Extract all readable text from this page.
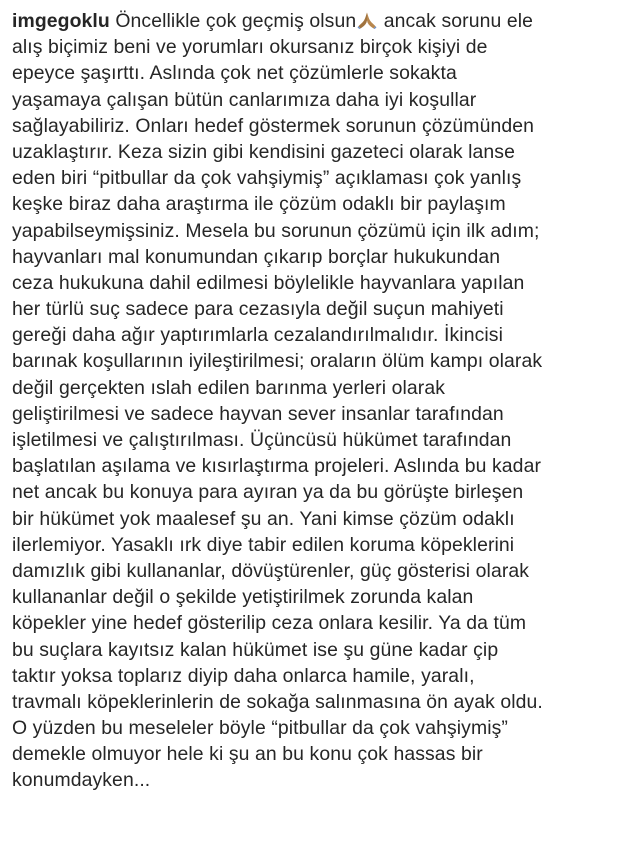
imgegoklu Öncellikle çok geçmiş olsun ancak sorunu ele
alış biçimiz beni ve yorumları okursanız birçok kişiyi de
epeyce şaşırttı. Aslında çok net çözümlerle sokakta
yaşamaya çalışan bütün canlarımıza daha iyi koşullar
sağlayabiliriz. Onları hedef göstermek sorunun çözümünden
uzaklaştırır. Keza sizin gibi kendisini gazeteci olarak lanse
eden biri “pitbullar da çok vahşiymiş” açıklaması çok yanlış
keşke biraz daha araştırma ile çözüm odaklı bir paylaşım
yapabilseymişsiniz. Mesela bu sorunun çözümü için ilk adım;
hayvanları mal konumundan çıkarıp borçlar hukukundan
ceza hukukuna dahil edilmesi böylelikle hayvanlara yapılan
her türlü suç sadece para cezasıyla değil suçun mahiyeti
gereği daha ağır yaptırımlarla cezalandırılmalıdır. İkincisi
barınak koşullarının iyileştirilmesi; oraların ölüm kampı olarak
değil gerçekten ıslah edilen barınma yerleri olarak
geliştirilmesi ve sadece hayvan sever insanlar tarafından
işletilmesi ve çalıştırılması. Üçüncüsü hükümet tarafından
başlatılan aşılama ve kısırlaştırma projeleri. Aslında bu kadar
net ancak bu konuya para ayıran ya da bu görüşte birleşen
bir hükümet yok maalesef şu an. Yani kimse çözüm odaklı
ilerlemiyor. Yasaklı ırk diye tabir edilen koruma köpeklerini
damızlık gibi kullananlar, dövüştürenler, güç gösterisi olarak
kullananlar değil o şekilde yetiştirilmek zorunda kalan
köpekler yine hedef gösterilip ceza onlara kesilir. Ya da tüm
bu suçlara kayıtsız kalan hükümet ise şu güne kadar çip
taktır yoksa toplarız diyip daha onlarca hamile, yaralı,
travmalı köpeklerinlerin de sokağa salınmasına ön ayak oldu.
O yüzden bu meseleler böyle “pitbullar da çok vahşiymiş”
demekle olmuyor hele ki şu an bu konu çok hassas bir
konumdayken...
